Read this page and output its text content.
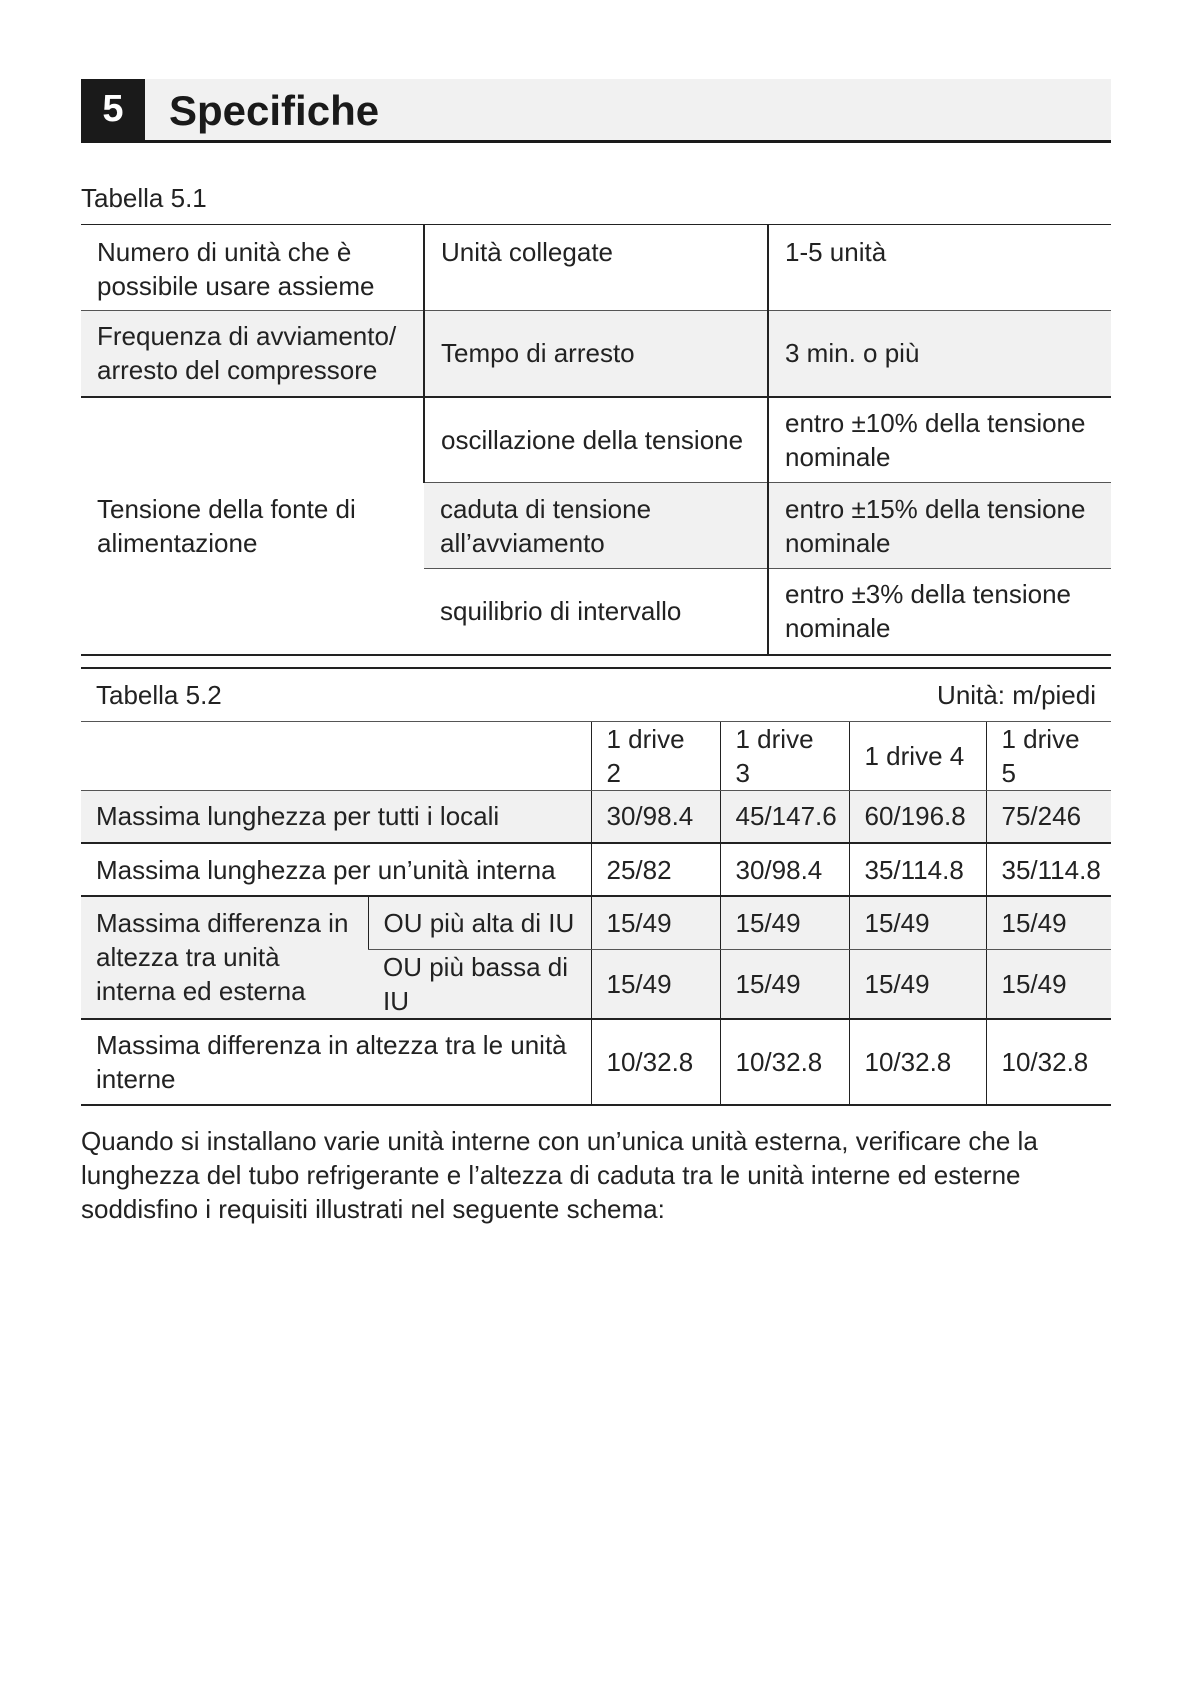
5	Specifiche
Tabella 5.1
Numero di unità che è possibile usare assieme	Unità collegate	1-5 unità
Frequenza di avviamento/ arresto del compressore	Tempo di arresto	3 min. o più
Tensione della fonte di alimentazione	oscillazione della tensione	entro ±10% della tensione nominale
	caduta di tensione all’avviamento	entro ±15% della tensione nominale
	squilibrio di intervallo	entro ±3% della tensione nominale
Tabella 5.2			Unità: m/piedi		
		1 drive 2	1 drive 3	1 drive 4	1 drive 5
Massima lunghezza per tutti i locali		30/98.4	45/147.6	60/196.8	75/246
Massima lunghezza per un’unità interna		25/82	30/98.4	35/114.8	35/114.8
Massima differenza in altezza tra unità interna ed esterna	OU più alta di IU	15/49	15/49	15/49	15/49
	OU più bassa di IU	15/49	15/49	15/49	15/49
Massima differenza in altezza tra le unità interne		10/32.8	10/32.8	10/32.8	10/32.8
Quando si installano varie unità interne con un’unica unità esterna, verificare che la lunghezza del tubo refrigerante e l’altezza di caduta tra le unità interne ed esterne soddisfino i requisiti illustrati nel seguente schema:
